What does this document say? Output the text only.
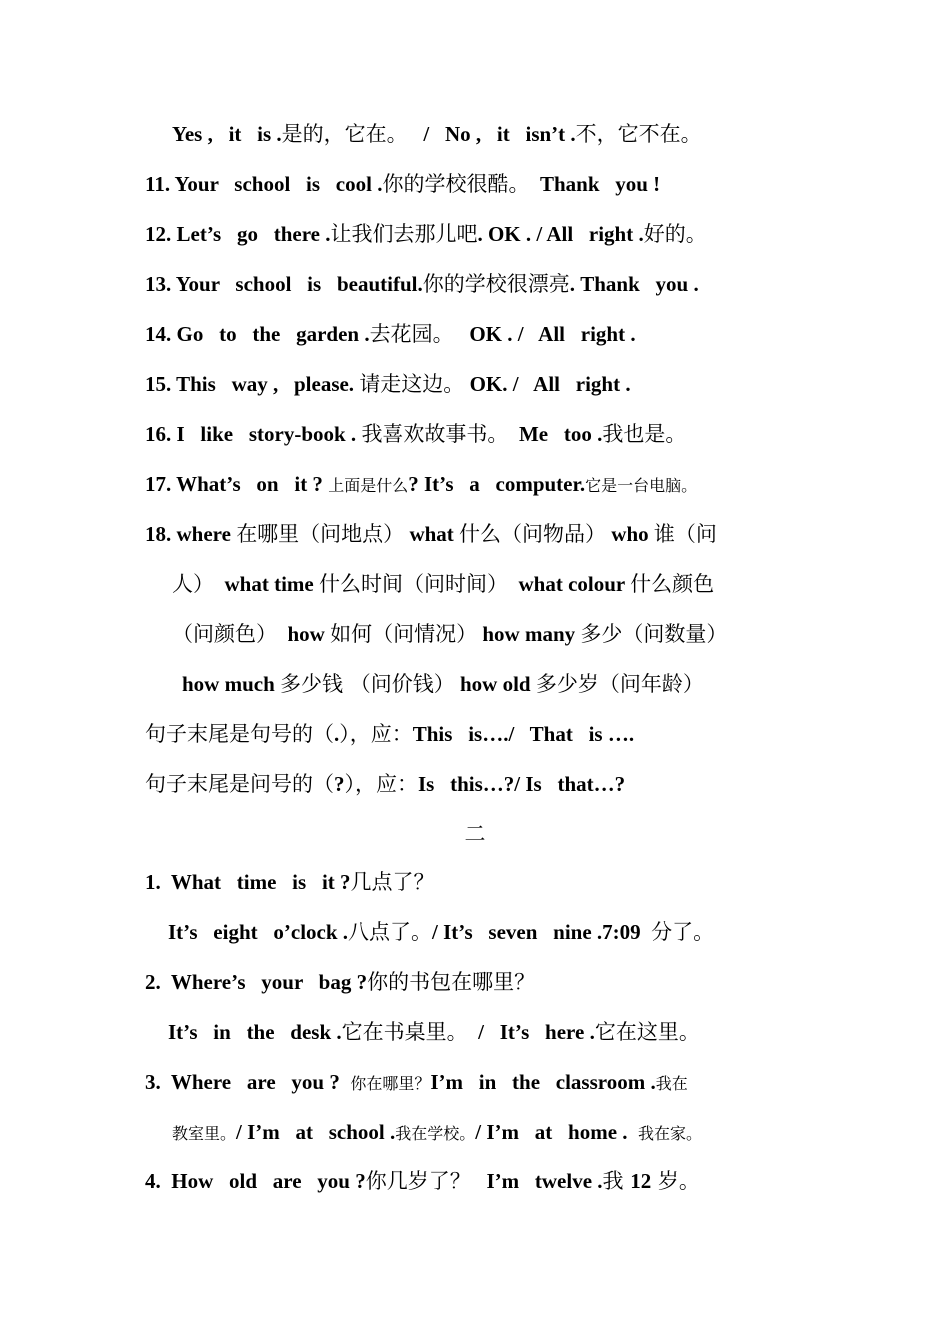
Yes ,   it   is .是的，它在。   /   No ,   it   isn’t .不，它不在。
11. Your   school   is   cool .你的学校很酷。  Thank   you !
12. Let’s   go   there .让我们去那儿吧. OK . / All   right .好的。
13. Your   school   is   beautiful.你的学校很漂亮. Thank   you .
14. Go   to   the   garden .去花园。   OK . /   All   right .
15. This   way ,   please. 请走这边。 OK. /   All   right .
16. I   like   story-book . 我喜欢故事书。  Me   too .我也是。
17. What’s   on   it ? 上面是什么? It’s   a   computer.它是一台电脑。
18. where 在哪里（问地点） what 什么（问物品） who 谁（问
人）  what time 什么时间（问时间）  what colour 什么颜色
（问颜色）  how 如何（问情况） how many 多少（问数量）
how much 多少钱 （问价钱） how old 多少岁（问年龄）
句子末尾是句号的（.），应：This   is…./   That   is ….
句子末尾是问号的（?），应：Is   this…?/ Is   that…?
二
1.  What   time   is   it ?几点了？
It’s   eight   o’clock .八点了。/ It’s   seven   nine .7:09  分了。
2.  Where’s   your   bag ?你的书包在哪里？
It’s   in   the   desk .它在书桌里。  /   It’s   here .它在这里。
3.  Where   are   you ?  你在哪里？I’m   in   the   classroom .我在
教室里。/ I’m   at   school .我在学校。/ I’m   at   home .  我在家。
4.  How   old   are   you ?你几岁了？   I’m   twelve .我 12 岁。
